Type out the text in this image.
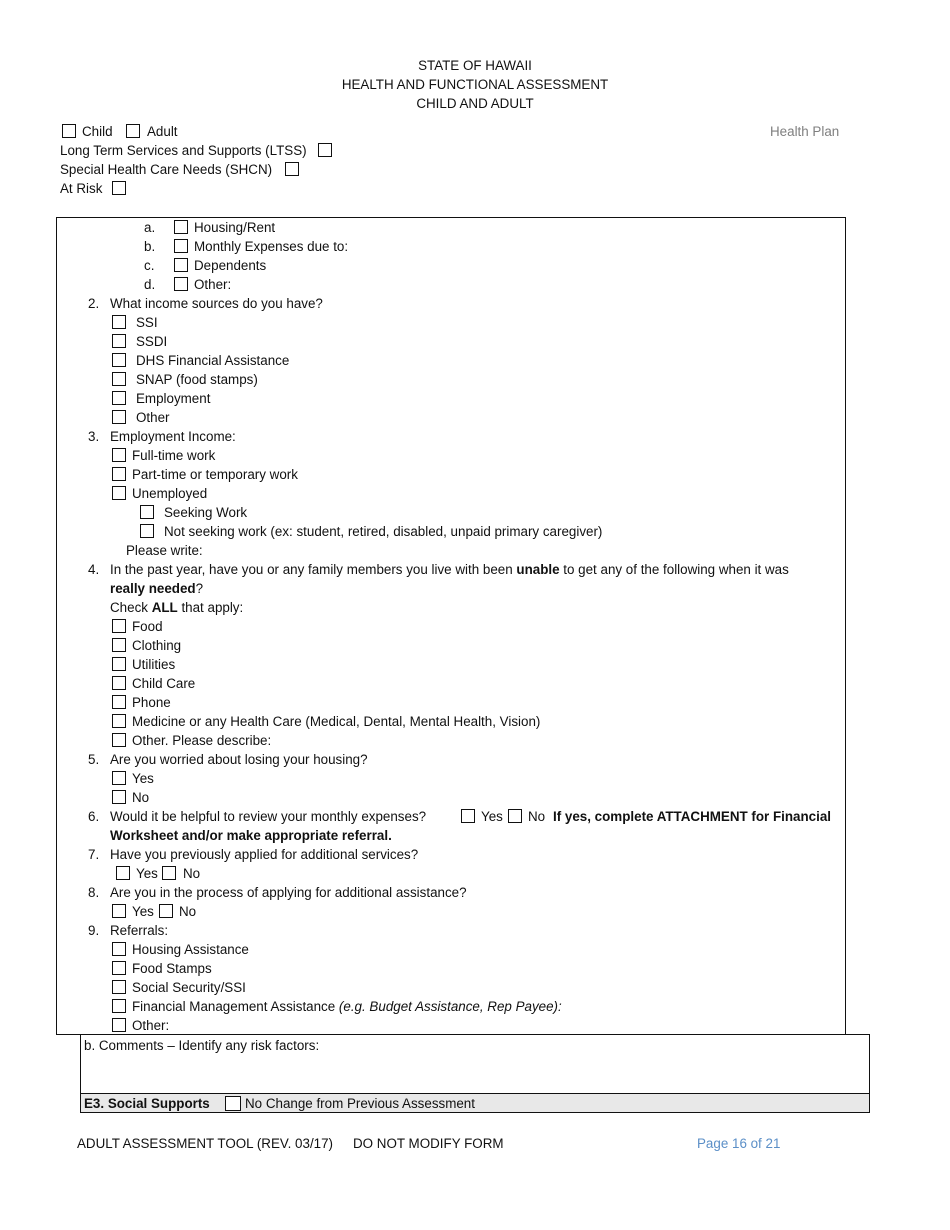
STATE OF HAWAII
HEALTH AND FUNCTIONAL ASSESSMENT
CHILD AND ADULT
Child	Adult	Health Plan
Long Term Services and Supports (LTSS)
Special Health Care Needs (SHCN)
At Risk
a.	Housing/Rent
b.	Monthly Expenses due to:
c.	Dependents
d.	Other:
2. What income sources do you have?
SSI
SSDI
DHS Financial Assistance
SNAP (food stamps)
Employment
Other
3. Employment Income:
Full-time work
Part-time or temporary work
Unemployed
Seeking Work
Not seeking work (ex: student, retired, disabled, unpaid primary caregiver)
Please write:
4. In the past year, have you or any family members you live with been unable to get any of the following when it was
really needed?
Check ALL that apply:
Food
Clothing
Utilities
Child Care
Phone
Medicine or any Health Care (Medical, Dental, Mental Health, Vision)
Other. Please describe:
5. Are you worried about losing your housing?
Yes
No
6. Would it be helpful to review your monthly expenses?	Yes No If yes, complete ATTACHMENT for Financial
Worksheet and/or make appropriate referral.
7. Have you previously applied for additional services?
Yes No
8. Are you in the process of applying for additional assistance?
Yes No
9. Referrals:
Housing Assistance
Food Stamps
Social Security/SSI
Financial Management Assistance (e.g. Budget Assistance, Rep Payee):
Other:
b. Comments – Identify any risk factors:
E3. Social Supports	No Change from Previous Assessment
ADULT ASSESSMENT TOOL (REV. 03/17) DO NOT MODIFY FORM	Page 16 of 21
